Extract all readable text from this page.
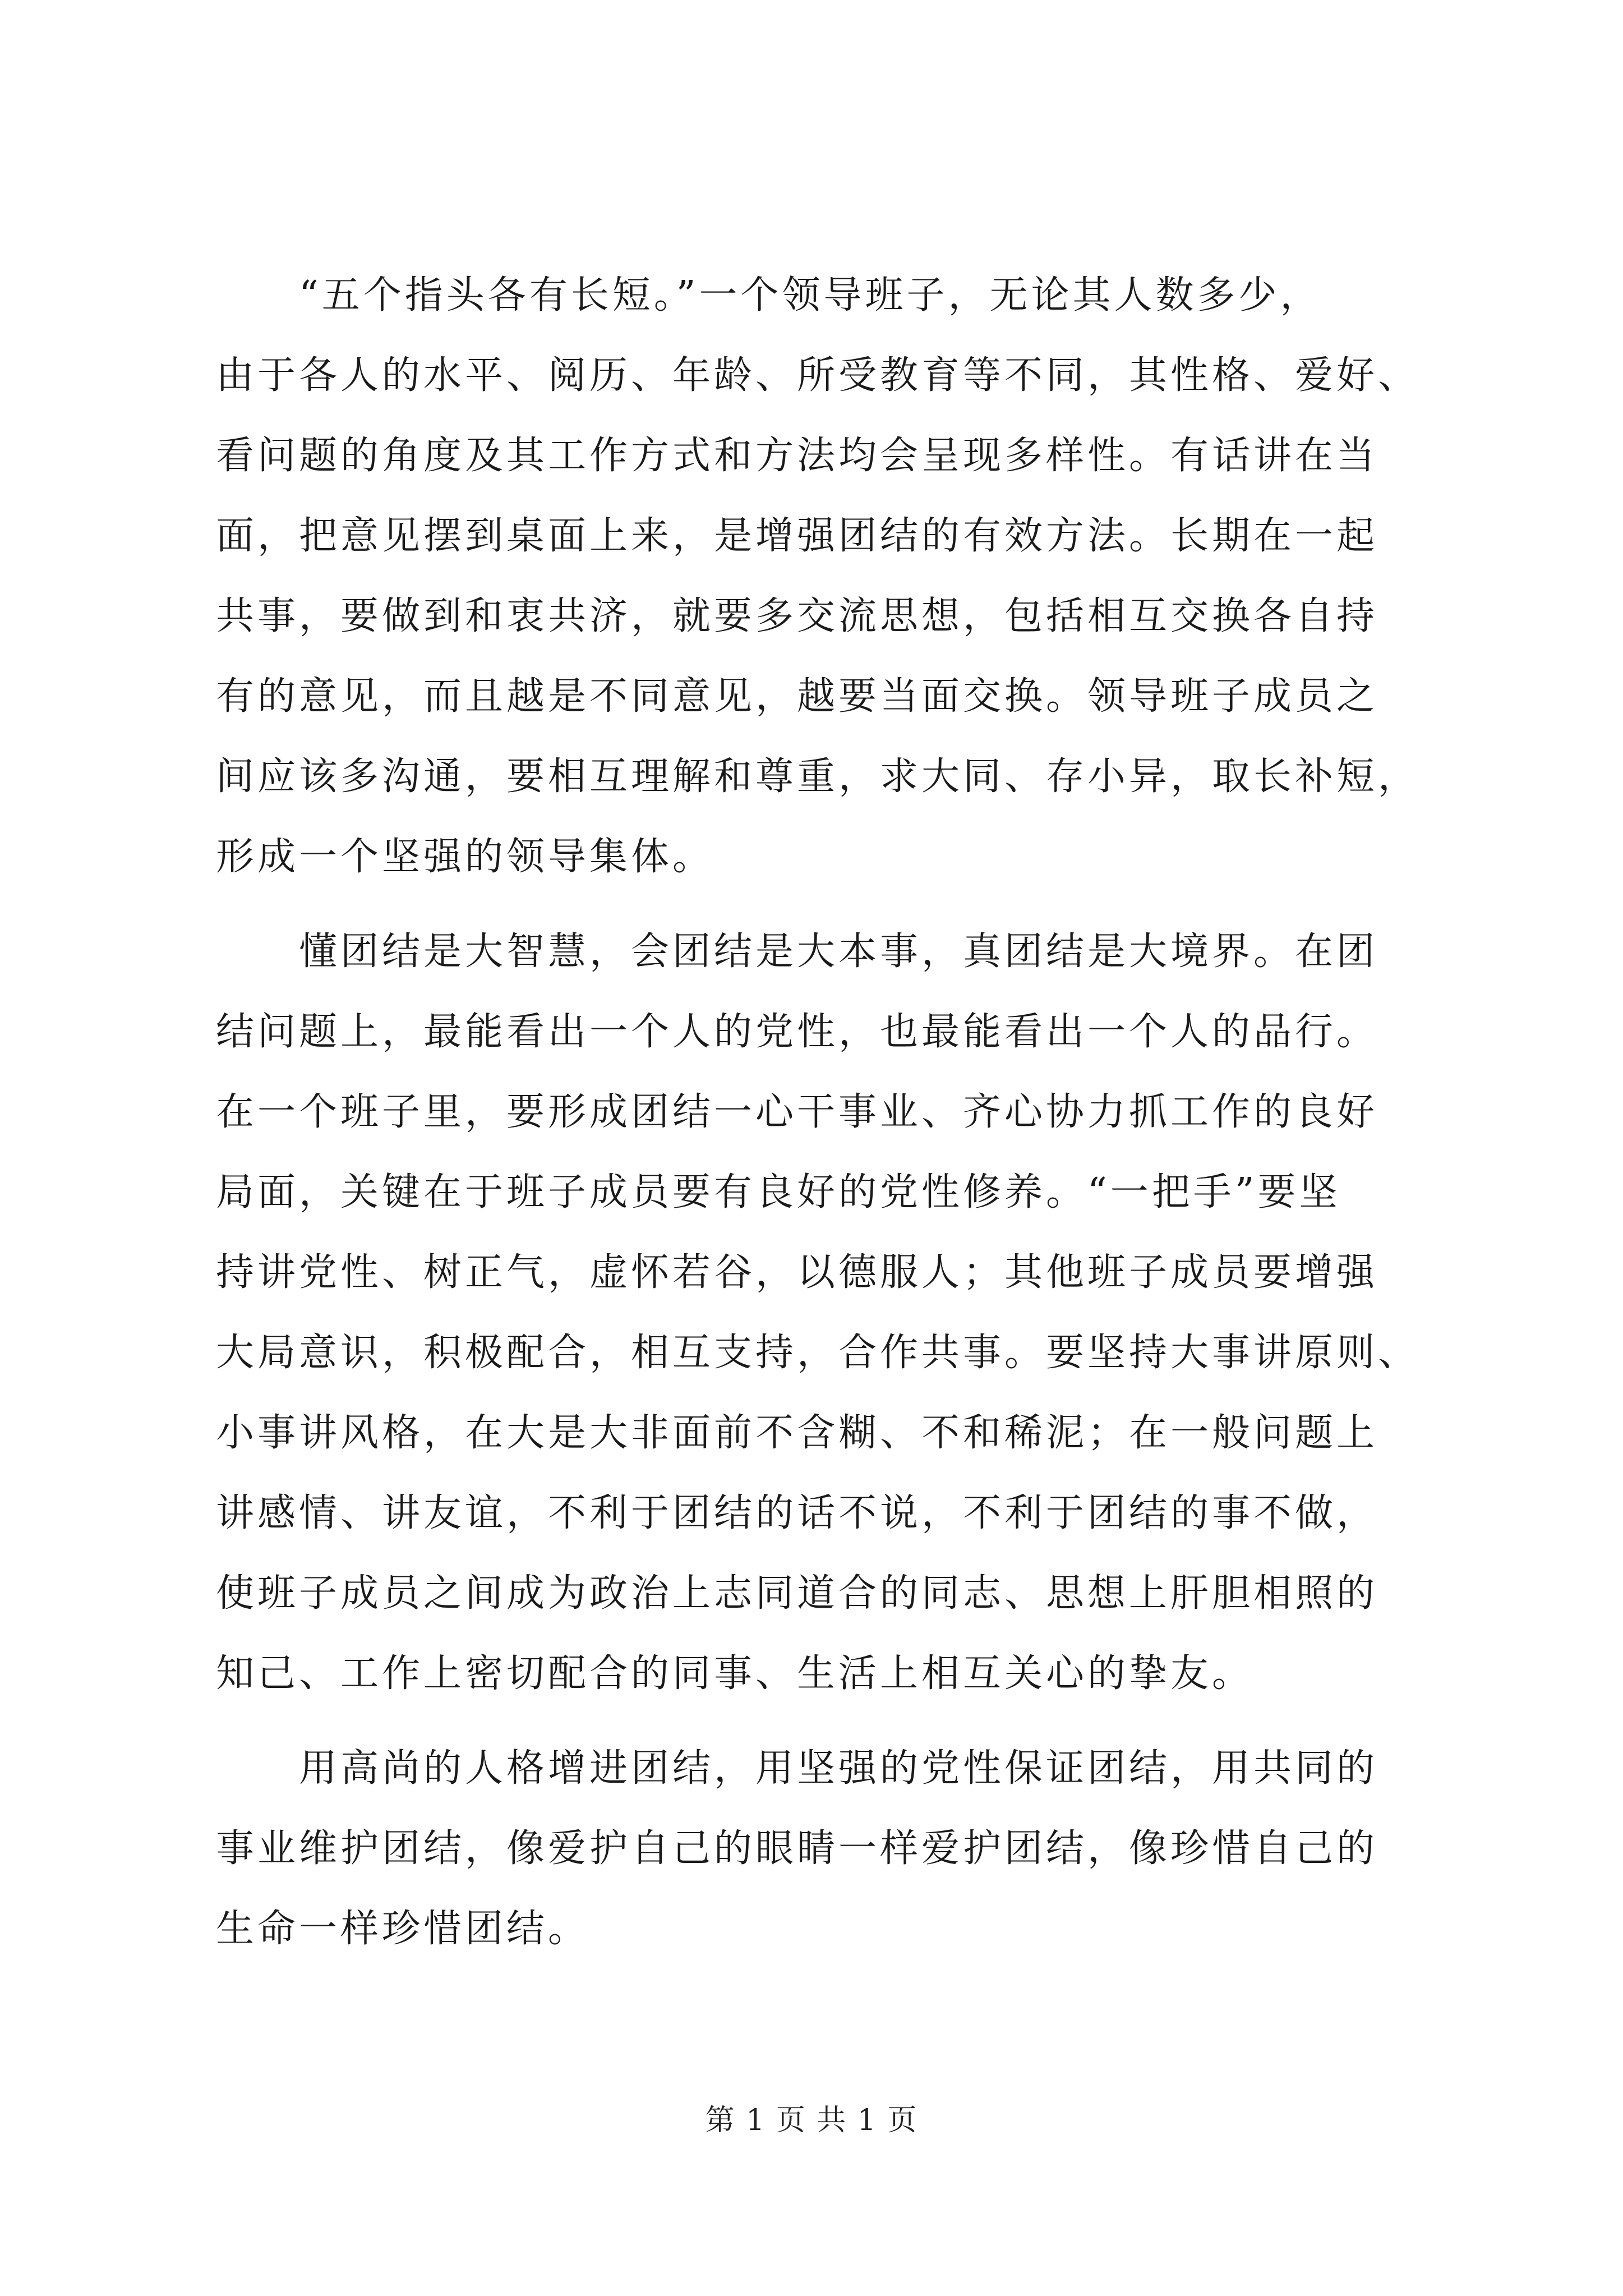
　　“五个指头各有长短。”一个领导班子，无论其人数多少，
由于各人的水平、阅历、年龄、所受教育等不同，其性格、爱好、
看问题的角度及其工作方式和方法均会呈现多样性。有话讲在当
面，把意见摆到桌面上来，是增强团结的有效方法。长期在一起
共事，要做到和衷共济，就要多交流思想，包括相互交换各自持
有的意见，而且越是不同意见，越要当面交换。领导班子成员之
间应该多沟通，要相互理解和尊重，求大同、存小异，取长补短，
形成一个坚强的领导集体。
　　懂团结是大智慧，会团结是大本事，真团结是大境界。在团
结问题上，最能看出一个人的党性，也最能看出一个人的品行。
在一个班子里，要形成团结一心干事业、齐心协力抓工作的良好
局面，关键在于班子成员要有良好的党性修养。“一把手”要坚
持讲党性、树正气，虚怀若谷，以德服人；其他班子成员要增强
大局意识，积极配合，相互支持，合作共事。要坚持大事讲原则、
小事讲风格，在大是大非面前不含糊、不和稀泥；在一般问题上
讲感情、讲友谊，不利于团结的话不说，不利于团结的事不做，
使班子成员之间成为政治上志同道合的同志、思想上肝胆相照的
知己、工作上密切配合的同事、生活上相互关心的挚友。
　　用高尚的人格增进团结，用坚强的党性保证团结，用共同的
事业维护团结，像爱护自己的眼睛一样爱护团结，像珍惜自己的
生命一样珍惜团结。
第 1 页 共 1 页
